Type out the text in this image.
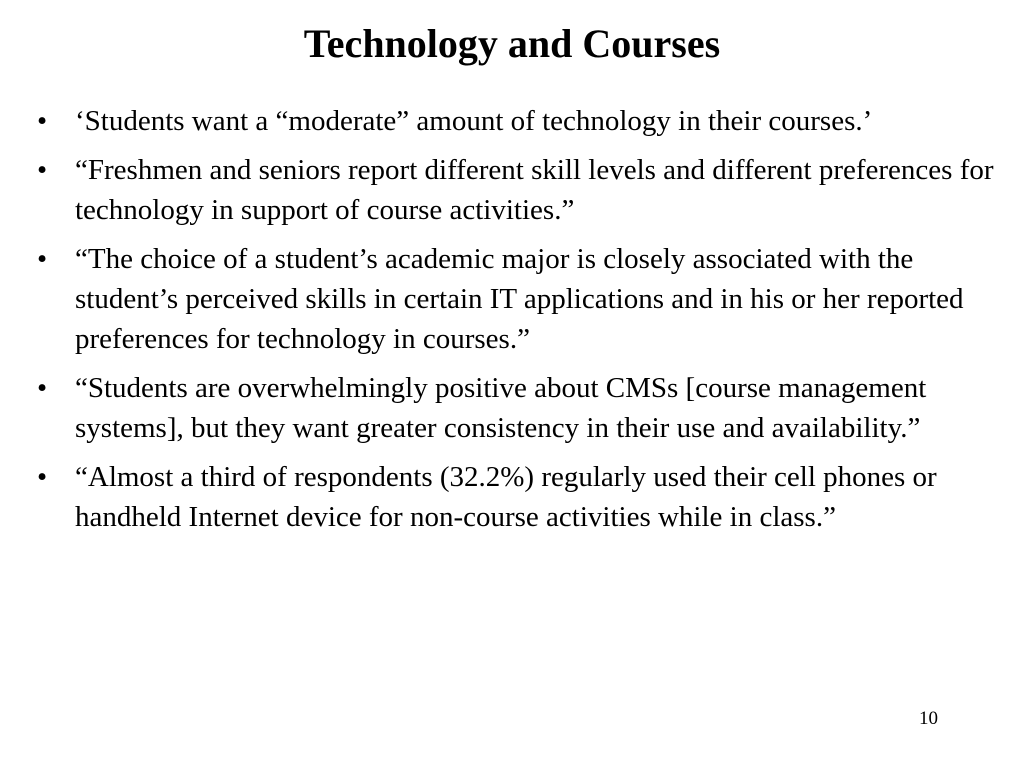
Technology and Courses
• ‘Students want a “moderate” amount of technology in their courses.’
• “Freshmen and seniors report different skill levels and different preferences for technology in support of course activities.”
• “The choice of a student’s academic major is closely associated with the student’s perceived skills in certain IT applications and in his or her reported preferences for technology in courses.”
• “Students are overwhelmingly positive about CMSs [course management systems], but they want greater consistency in their use and availability.”
• “Almost a third of respondents (32.2%) regularly used their cell phones or handheld Internet device for non-course activities while in class.”
10
